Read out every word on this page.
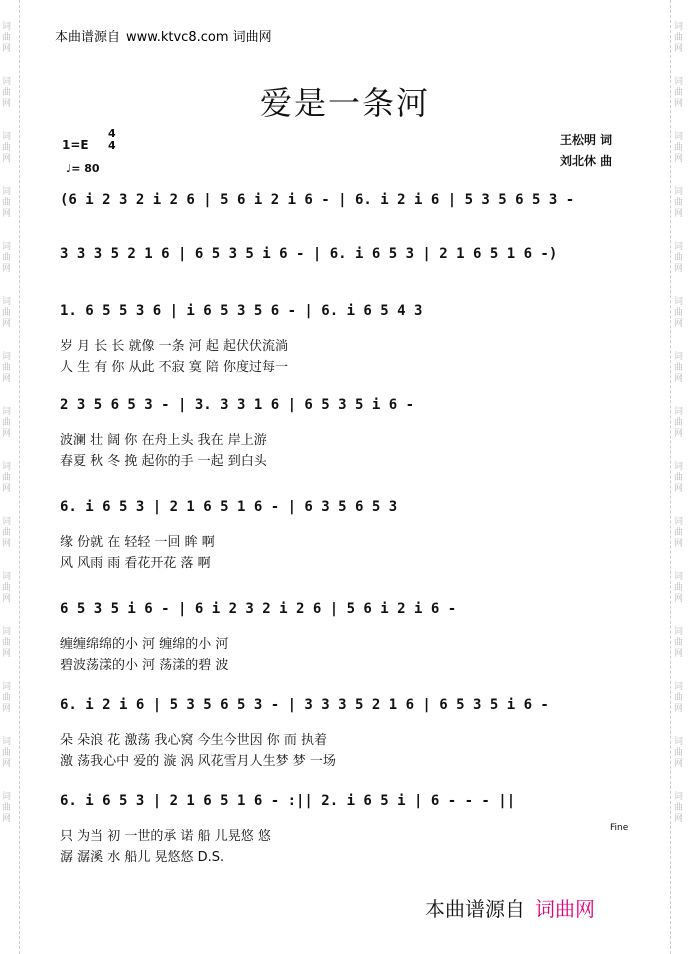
词
曲
网
词
曲
网
词
曲
网
词
曲
网
词
曲
网
词
曲
网
词
曲
网
词
曲
网
词
曲
网
词
曲
网
词
曲
网
词
曲
网
词
曲
网
词
曲
网
词
曲
网
词
曲
网
词
曲
网
词
曲
网
词
曲
网
词
曲
网
词
曲
网
词
曲
网
词
曲
网
词
曲
网
词
曲
网
词
曲
网
词
曲
网
词
曲
网
词
曲
网
词
曲
网
本曲谱源自 www.ktvc8.com 词曲网
爱是一条河
1=E
4
4
♩= 80
王松明 词
刘北休 曲
(6 i 2 3 2 i 2 6 | 5 6 i 2 i 6 - | 6. i 2 i 6 | 5 3 5 6 5 3 -
3 3 3 5 2 1 6 | 6 5 3 5 i 6 - | 6. i 6 5 3 | 2 1 6 5 1 6 -)
1. 6 5 5 3 6 | i 6 5 3 5 6 - | 6. i 6 5 4 3
岁 月 长 长 就像 一条 河 起 起伏伏流淌
人 生 有 你 从此 不寂 寞 陪 你度过每一
2 3 5 6 5 3 - | 3. 3 3 1 6 | 6 5 3 5 i 6 -
波澜 壮 阔 你 在舟上头 我在 岸上游
春夏 秋 冬 挽 起你的手 一起 到白头
6. i 6 5 3 | 2 1 6 5 1 6 - | 6 3 5 6 5 3
缘 份就 在 轻轻 一回 眸 啊
风 风雨 雨 看花开花 落 啊
6 5 3 5 i 6 - | 6 i 2 3 2 i 2 6 | 5 6 i 2 i 6 -
缠缠绵绵的小 河 缠绵的小 河
碧波荡漾的小 河 荡漾的碧 波
6. i 2 i 6 | 5 3 5 6 5 3 - | 3 3 3 5 2 1 6 | 6 5 3 5 i 6 -
朵 朵浪 花 激荡 我心窝 今生今世因 你 而 执着
激 荡我心中 爱的 漩 涡 风花雪月人生梦 梦 一场
6. i 6 5 3 | 2 1 6 5 1 6 - :|| 2. i 6 5 i | 6 - - - ||
只 为当 初 一世的承 诺 船 儿晃悠 悠
潺 潺溪 水 船儿 晃悠悠 D.S.
Fine
本曲谱源自 词曲网
